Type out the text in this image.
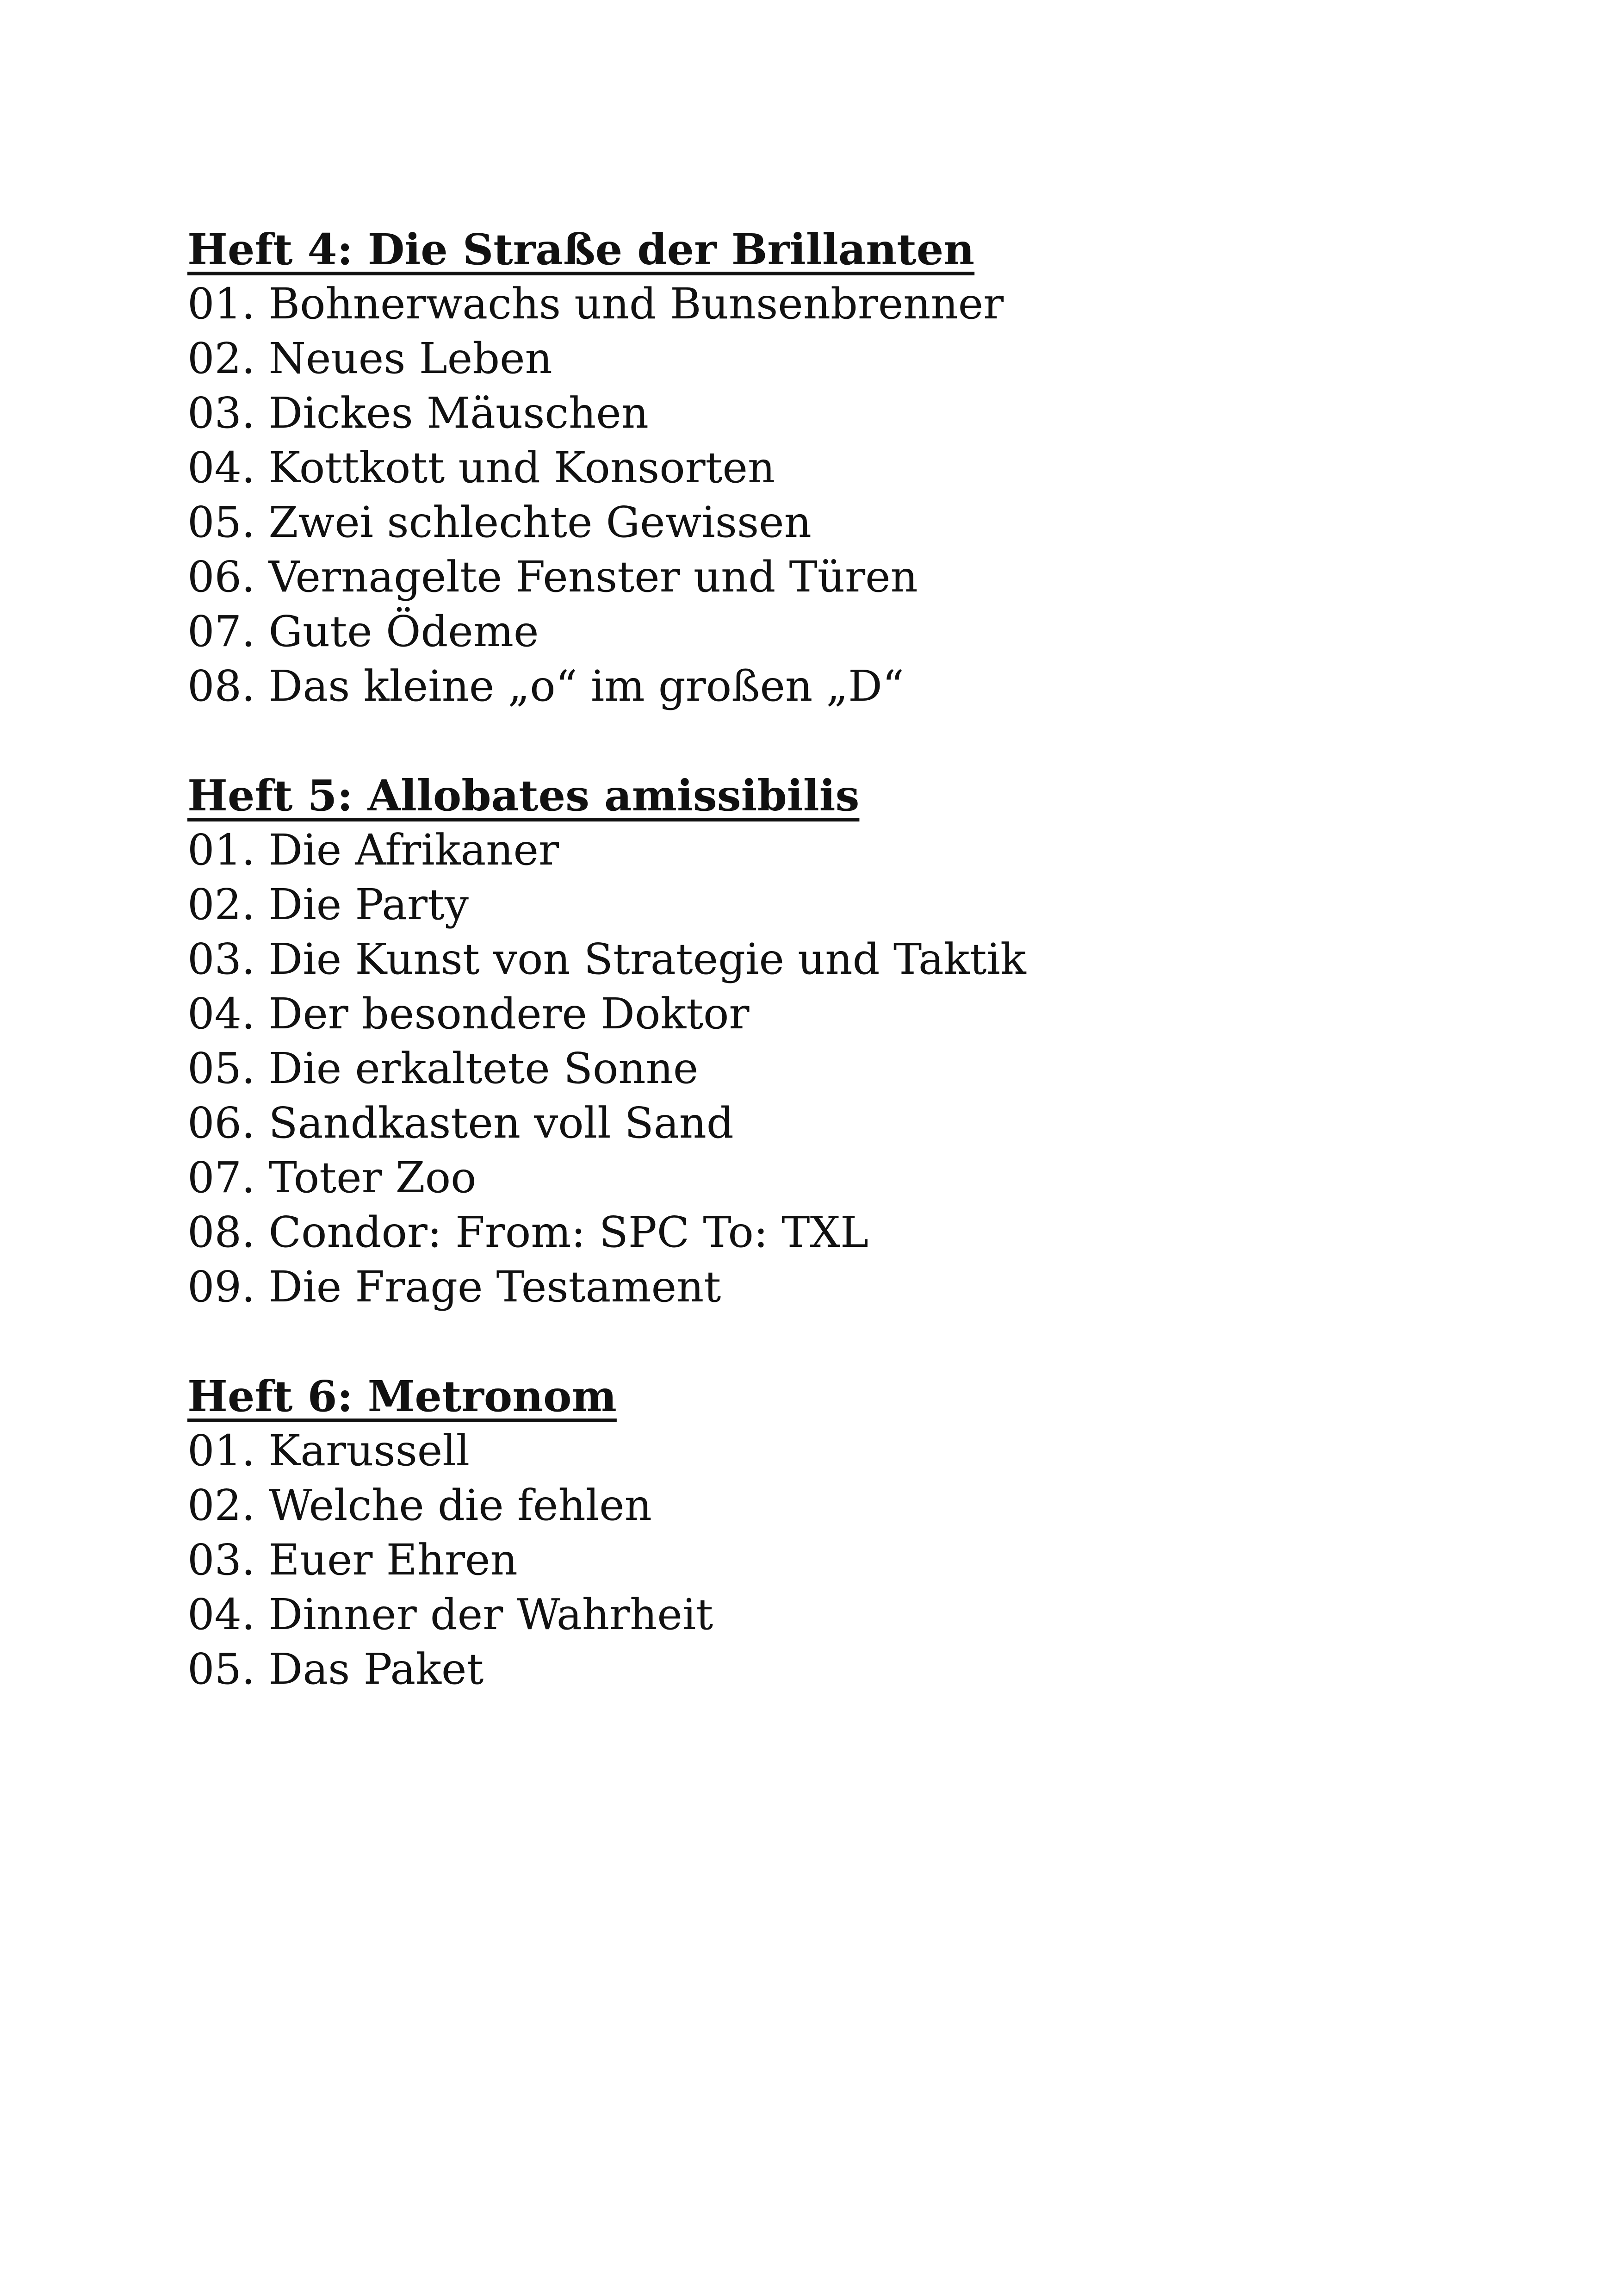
Heft 4: Die Straße der Brillanten
01. Bohnerwachs und Bunsenbrenner
02. Neues Leben
03. Dickes Mäuschen
04. Kottkott und Konsorten
05. Zwei schlechte Gewissen
06. Vernagelte Fenster und Türen
07. Gute Ödeme
08. Das kleine „o“ im großen „D“
Heft 5: Allobates amissibilis
01. Die Afrikaner
02. Die Party
03. Die Kunst von Strategie und Taktik
04. Der besondere Doktor
05. Die erkaltete Sonne
06. Sandkasten voll Sand
07. Toter Zoo
08. Condor: From: SPC To: TXL
09. Die Frage Testament
Heft 6: Metronom
01. Karussell
02. Welche die fehlen
03. Euer Ehren
04. Dinner der Wahrheit
05. Das Paket
